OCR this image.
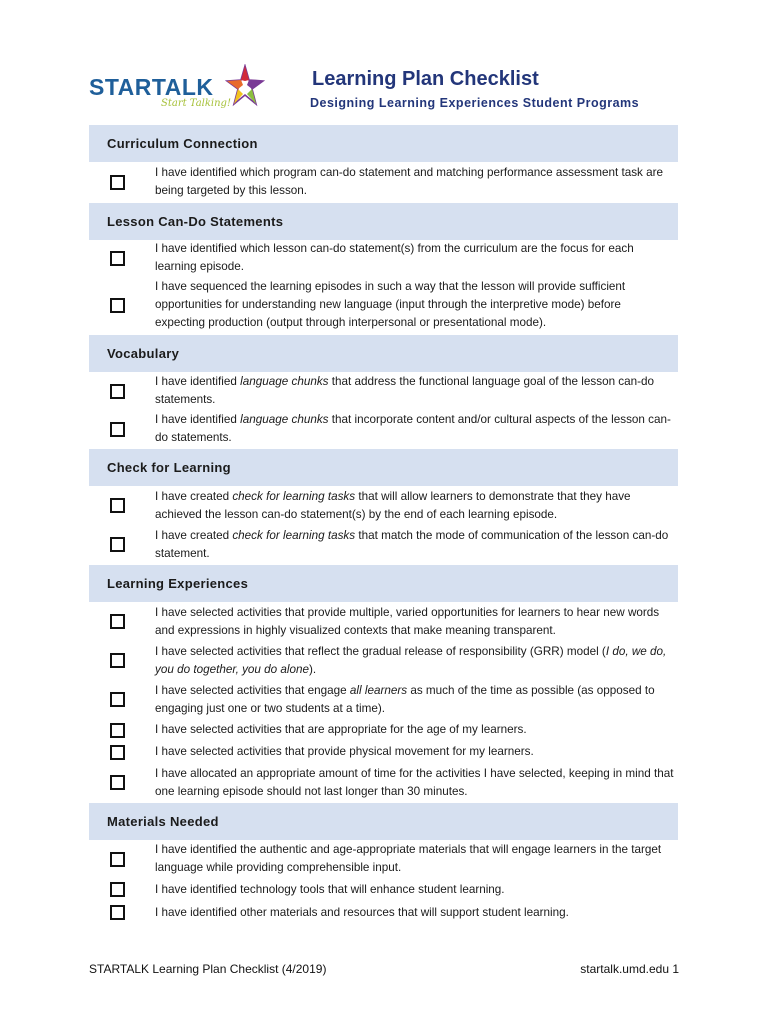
STARTALK
Start Talking!
Learning Plan Checklist
Designing Learning Experiences Student Programs
Curriculum Connection
I have identified which program can-do statement and matching performance assessment task are being targeted by this lesson.
Lesson Can-Do Statements
I have identified which lesson can-do statement(s) from the curriculum are the focus for each learning episode.
I have sequenced the learning episodes in such a way that the lesson will provide sufficient opportunities for understanding new language (input through the interpretive mode) before expecting production (output through interpersonal or presentational mode).
Vocabulary
I have identified language chunks that address the functional language goal of the lesson can-do statements.
I have identified language chunks that incorporate content and/or cultural aspects of the lesson can-do statements.
Check for Learning
I have created check for learning tasks that will allow learners to demonstrate that they have achieved the lesson can-do statement(s) by the end of each learning episode.
I have created check for learning tasks that match the mode of communication of the lesson can-do statement.
Learning Experiences
I have selected activities that provide multiple, varied opportunities for learners to hear new words and expressions in highly visualized contexts that make meaning transparent.
I have selected activities that reflect the gradual release of responsibility (GRR) model (I do, we do, you do together, you do alone).
I have selected activities that engage all learners as much of the time as possible (as opposed to engaging just one or two students at a time).
I have selected activities that are appropriate for the age of my learners.
I have selected activities that provide physical movement for my learners.
I have allocated an appropriate amount of time for the activities I have selected, keeping in mind that one learning episode should not last longer than 30 minutes.
Materials Needed
I have identified the authentic and age-appropriate materials that will engage learners in the target language while providing comprehensible input.
I have identified technology tools that will enhance student learning.
I have identified other materials and resources that will support student learning.
STARTALK Learning Plan Checklist (4/2019)	startalk.umd.edu 1
